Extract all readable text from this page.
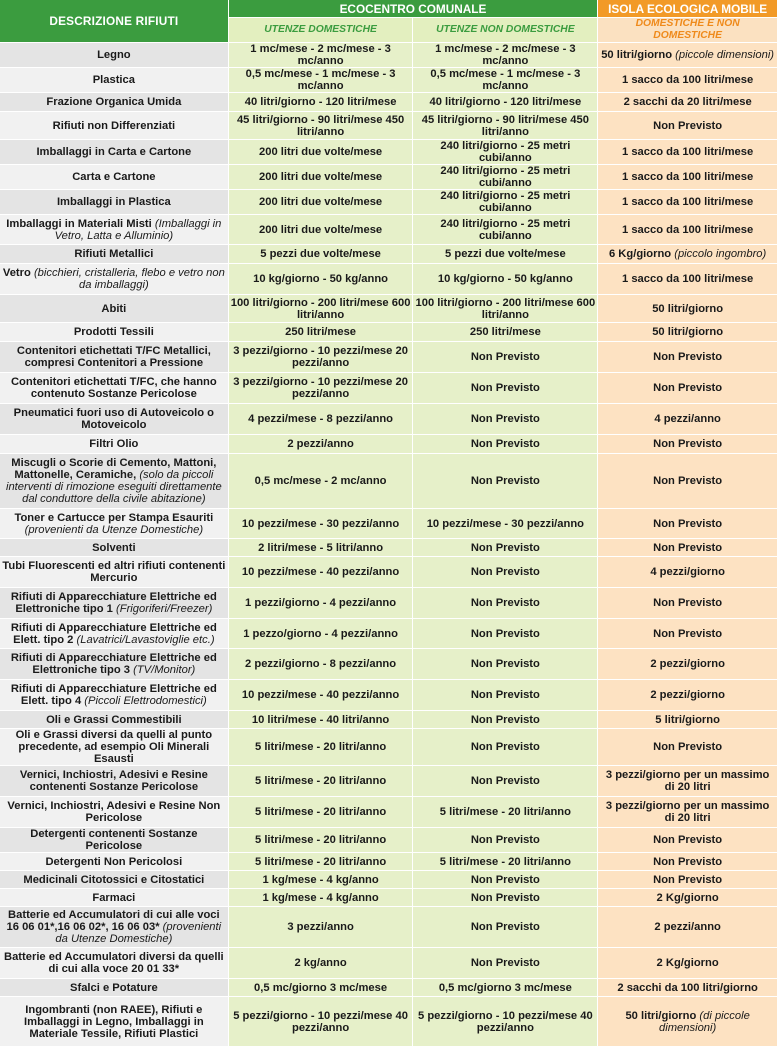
DESCRIZIONE RIFIUTI	ECOCENTRO COMUNALE		ISOLA ECOLOGICA MOBILE
	UTENZE DOMESTICHE	UTENZE NON DOMESTICHE	DOMESTICHE E NON DOMESTICHE
Legno	1 mc/mese - 2 mc/mese - 3 mc/anno	1 mc/mese - 2 mc/mese - 3 mc/anno	50 litri/giorno (piccole dimensioni)
Plastica	0,5 mc/mese - 1 mc/mese - 3 mc/anno	0,5 mc/mese - 1 mc/mese - 3 mc/anno	1 sacco da 100 litri/mese
Frazione Organica Umida	40 litri/giorno - 120 litri/mese	40 litri/giorno - 120 litri/mese	2 sacchi da 20 litri/mese
Rifiuti non Differenziati	45 litri/giorno - 90 litri/mese 450 litri/anno	45 litri/giorno - 90 litri/mese 450 litri/anno	Non Previsto
Imballaggi in Carta e Cartone	200 litri due volte/mese	240 litri/giorno - 25 metri cubi/anno	1 sacco da 100 litri/mese
Carta e Cartone	200 litri due volte/mese	240 litri/giorno - 25 metri cubi/anno	1 sacco da 100 litri/mese
Imballaggi in Plastica	200 litri due volte/mese	240 litri/giorno - 25 metri cubi/anno	1 sacco da 100 litri/mese
Imballaggi in Materiali Misti (Imballaggi in Vetro, Latta e Alluminio)	200 litri due volte/mese	240 litri/giorno - 25 metri cubi/anno	1 sacco da 100 litri/mese
Rifiuti Metallici	5 pezzi due volte/mese	5 pezzi due volte/mese	6 Kg/giorno (piccolo ingombro)
Vetro (bicchieri, cristalleria, flebo e vetro non da imballaggi)	10 kg/giorno - 50 kg/anno	10 kg/giorno - 50 kg/anno	1 sacco da 100 litri/mese
Abiti	100 litri/giorno - 200 litri/mese 600 litri/anno	100 litri/giorno - 200 litri/mese 600 litri/anno	50 litri/giorno
Prodotti Tessili	250 litri/mese	250 litri/mese	50 litri/giorno
Contenitori etichettati T/FC Metallici, compresi Contenitori a Pressione	3 pezzi/giorno - 10 pezzi/mese 20 pezzi/anno	Non Previsto	Non Previsto
Contenitori etichettati T/FC, che hanno contenuto Sostanze Pericolose	3 pezzi/giorno - 10 pezzi/mese 20 pezzi/anno	Non Previsto	Non Previsto
Pneumatici fuori uso di Autoveicolo o Motoveicolo	4 pezzi/mese - 8 pezzi/anno	Non Previsto	4 pezzi/anno
Filtri Olio	2 pezzi/anno	Non Previsto	Non Previsto
Miscugli o Scorie di Cemento, Mattoni, Mattonelle, Ceramiche, (solo da piccoli interventi di rimozione eseguiti direttamente dal conduttore della civile abitazione)	0,5 mc/mese - 2 mc/anno	Non Previsto	Non Previsto
Toner e Cartucce per Stampa Esauriti (provenienti da Utenze Domestiche)	10 pezzi/mese - 30 pezzi/anno	10 pezzi/mese - 30 pezzi/anno	Non Previsto
Solventi	2 litri/mese - 5 litri/anno	Non Previsto	Non Previsto
Tubi Fluorescenti ed altri rifiuti contenenti Mercurio	10 pezzi/mese - 40 pezzi/anno	Non Previsto	4 pezzi/giorno
Rifiuti di Apparecchiature Elettriche ed Elettroniche tipo 1 (Frigoriferi/Freezer)	1 pezzi/giorno - 4 pezzi/anno	Non Previsto	Non Previsto
Rifiuti di Apparecchiature Elettriche ed Elett. tipo 2 (Lavatrici/Lavastoviglie etc.)	1 pezzo/giorno - 4 pezzi/anno	Non Previsto	Non Previsto
Rifiuti di Apparecchiature Elettriche ed Elettroniche tipo 3 (TV/Monitor)	2 pezzi/giorno - 8 pezzi/anno	Non Previsto	2 pezzi/giorno
Rifiuti di Apparecchiature Elettriche ed Elett. tipo 4 (Piccoli Elettrodomestici)	10 pezzi/mese - 40 pezzi/anno	Non Previsto	2 pezzi/giorno
Oli e Grassi Commestibili	10 litri/mese - 40 litri/anno	Non Previsto	5 litri/giorno
Oli e Grassi diversi da quelli al punto precedente, ad esempio Oli Minerali Esausti	5 litri/mese - 20 litri/anno	Non Previsto	Non Previsto
Vernici, Inchiostri, Adesivi e Resine contenenti Sostanze Pericolose	5 litri/mese - 20 litri/anno	Non Previsto	3 pezzi/giorno per un massimo di 20 litri
Vernici, Inchiostri, Adesivi e Resine Non Pericolose	5 litri/mese - 20 litri/anno	5 litri/mese - 20 litri/anno	3 pezzi/giorno per un massimo di 20 litri
Detergenti contenenti Sostanze Pericolose	5 litri/mese - 20 litri/anno	Non Previsto	Non Previsto
Detergenti Non Pericolosi	5 litri/mese - 20 litri/anno	5 litri/mese - 20 litri/anno	Non Previsto
Medicinali Citotossici e Citostatici	1 kg/mese - 4 kg/anno	Non Previsto	Non Previsto
Farmaci	1 kg/mese - 4 kg/anno	Non Previsto	2 Kg/giorno
Batterie ed Accumulatori di cui alle voci 16 06 01*,16 06 02*, 16 06 03* (provenienti da Utenze Domestiche)	3 pezzi/anno	Non Previsto	2 pezzi/anno
Batterie ed Accumulatori diversi da quelli di cui alla voce 20 01 33*	2 kg/anno	Non Previsto	2 Kg/giorno
Sfalci e Potature	0,5 mc/giorno 3 mc/mese	0,5 mc/giorno 3 mc/mese	2 sacchi da 100 litri/giorno
Ingombranti (non RAEE), Rifiuti e Imballaggi in Legno, Imballaggi in Materiale Tessile, Rifiuti Plastici	5 pezzi/giorno - 10 pezzi/mese 40 pezzi/anno	5 pezzi/giorno - 10 pezzi/mese 40 pezzi/anno	50 litri/giorno (di piccole dimensioni)
